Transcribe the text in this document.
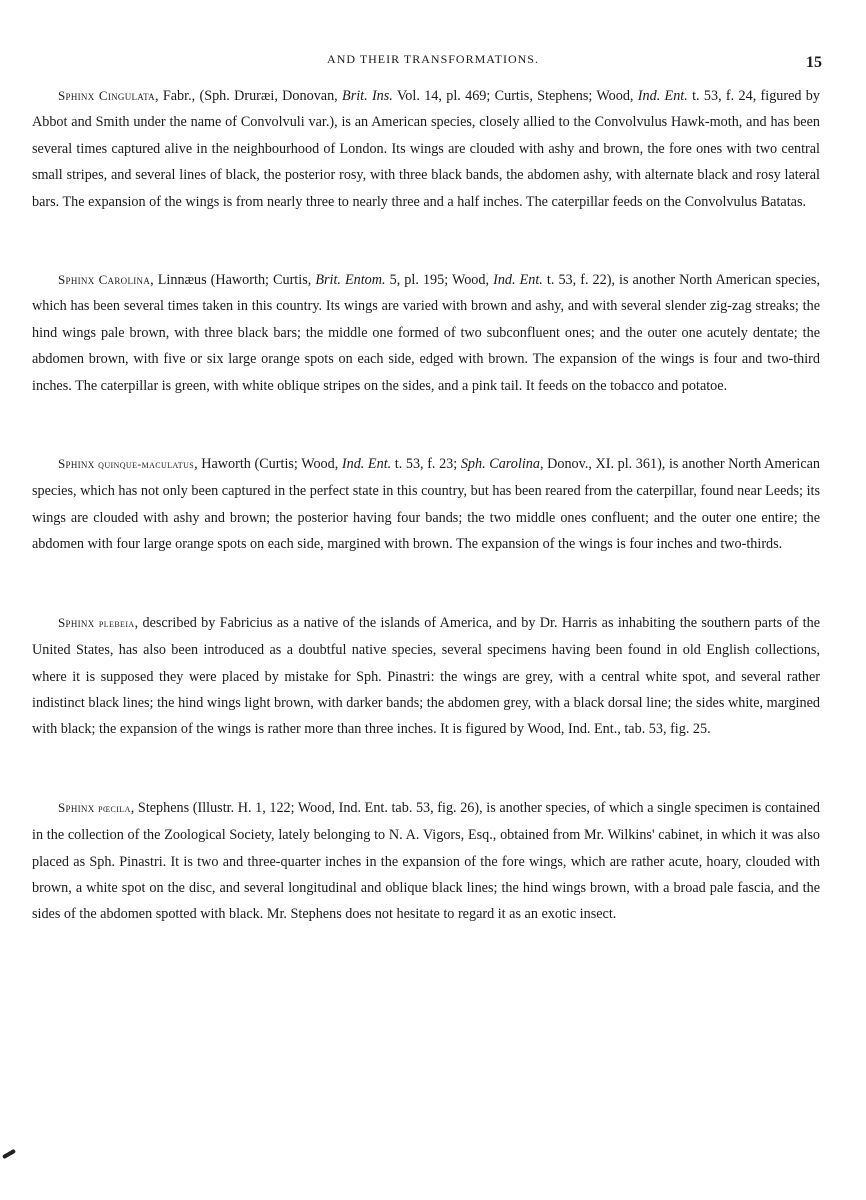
AND THEIR TRANSFORMATIONS.	15

Sphinx Cingulata, Fabr., (Sph. Druræi, Donovan, Brit. Ins. Vol. 14, pl. 469; Curtis, Stephens; Wood, Ind. Ent. t. 53, f. 24, figured by Abbot and Smith under the name of Convolvuli var.), is an American species, closely allied to the Convolvulus Hawk-moth, and has been several times captured alive in the neighbourhood of London. Its wings are clouded with ashy and brown, the fore ones with two central small stripes, and several lines of black, the posterior rosy, with three black bands, the abdomen ashy, with alternate black and rosy lateral bars. The expansion of the wings is from nearly three to nearly three and a half inches. The caterpillar feeds on the Convolvulus Batatas.

Sphinx Carolina, Linnæus (Haworth; Curtis, Brit. Entom. 5, pl. 195; Wood, Ind. Ent. t. 53, f. 22), is another North American species, which has been several times taken in this country. Its wings are varied with brown and ashy, and with several slender zig-zag streaks; the hind wings pale brown, with three black bars; the middle one formed of two subconfluent ones; and the outer one acutely dentate; the abdomen brown, with five or six large orange spots on each side, edged with brown. The expansion of the wings is four and two-third inches. The caterpillar is green, with white oblique stripes on the sides, and a pink tail. It feeds on the tobacco and potatoe.

Sphinx quinque-maculatus, Haworth (Curtis; Wood, Ind. Ent. t. 53, f. 23; Sph. Carolina, Donov., XI. pl. 361), is another North American species, which has not only been captured in the perfect state in this country, but has been reared from the caterpillar, found near Leeds; its wings are clouded with ashy and brown; the posterior having four bands; the two middle ones confluent; and the outer one entire; the abdomen with four large orange spots on each side, margined with brown. The expansion of the wings is four inches and two-thirds.

Sphinx plebeia, described by Fabricius as a native of the islands of America, and by Dr. Harris as inhabiting the southern parts of the United States, has also been introduced as a doubtful native species, several specimens having been found in old English collections, where it is supposed they were placed by mistake for Sph. Pinastri: the wings are grey, with a central white spot, and several rather indistinct black lines; the hind wings light brown, with darker bands; the abdomen grey, with a black dorsal line; the sides white, margined with black; the expansion of the wings is rather more than three inches. It is figured by Wood, Ind. Ent., tab. 53, fig. 25.

Sphinx pœcila, Stephens (Illustr. H. 1, 122; Wood, Ind. Ent. tab. 53, fig. 26), is another species, of which a single specimen is contained in the collection of the Zoological Society, lately belonging to N. A. Vigors, Esq., obtained from Mr. Wilkins' cabinet, in which it was also placed as Sph. Pinastri. It is two and three-quarter inches in the expansion of the fore wings, which are rather acute, hoary, clouded with brown, a white spot on the disc, and several longitudinal and oblique black lines; the hind wings brown, with a broad pale fascia, and the sides of the abdomen spotted with black. Mr. Stephens does not hesitate to regard it as an exotic insect.
